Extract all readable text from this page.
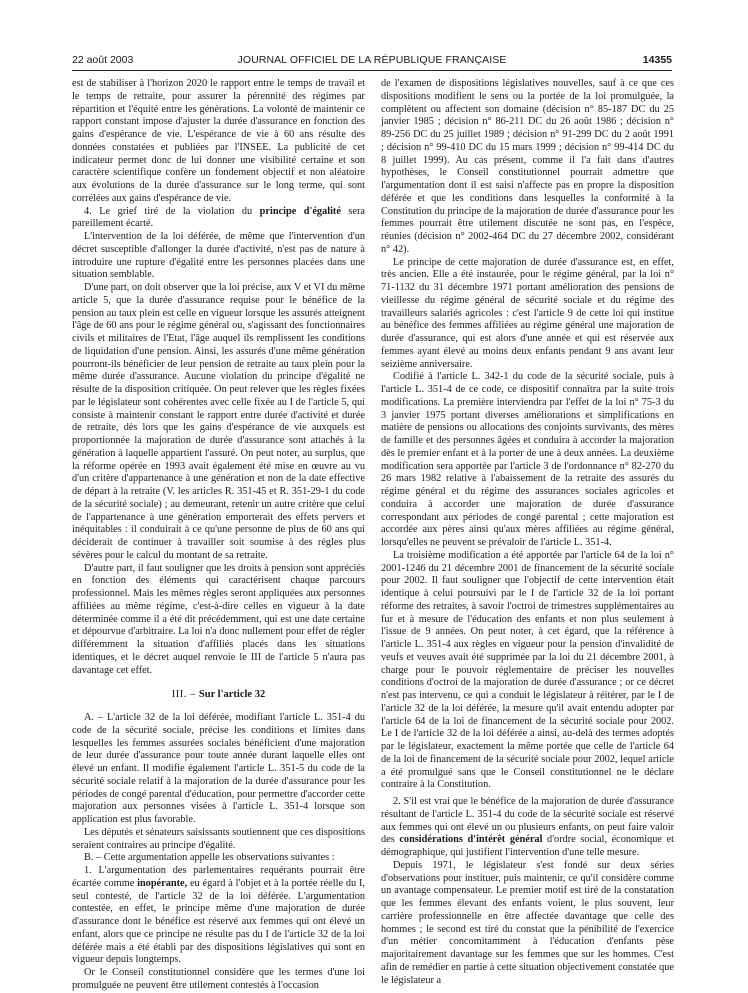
22 août 2003	JOURNAL OFFICIEL DE LA RÉPUBLIQUE FRANÇAISE	14355

est de stabiliser à l'horizon 2020 le rapport entre le temps de travail et le temps de retraite, pour assurer la pérennité des régimes par répartition et l'équité entre les générations. La volonté de maintenir ce rapport constant impose d'ajuster la durée d'assurance en fonction des gains d'espérance de vie. L'espérance de vie à 60 ans résulte des données constatées et publiées par l'INSEE. La publicité de cet indicateur permet donc de lui donner une visibilité certaine et son caractère scientifique confère un fondement objectif et non aléatoire aux évolutions de la durée d'assurance sur le long terme, qui sont corrélées aux gains d'espérance de vie.

4. Le grief tiré de la violation du principe d'égalité sera pareillement écarté.

L'intervention de la loi déférée, de même que l'intervention d'un décret susceptible d'allonger la durée d'activité, n'est pas de nature à introduire une rupture d'égalité entre les personnes placées dans une situation semblable.

D'une part, on doit observer que la loi précise, aux V et VI du même article 5, que la durée d'assurance requise pour le bénéfice de la pension au taux plein est celle en vigueur lorsque les assurés atteignent l'âge de 60 ans pour le régime général ou, s'agissant des fonctionnaires civils et militaires de l'Etat, l'âge auquel ils remplissent les conditions de liquidation d'une pension. Ainsi, les assurés d'une même génération pourront-ils bénéficier de leur pension de retraite au taux plein pour la même durée d'assurance. Aucune violation du principe d'égalité ne résulte de la disposition critiquée. On peut relever que les règles fixées par le législateur sont cohérentes avec celle fixée au I de l'article 5, qui consiste à maintenir constant le rapport entre durée d'activité et durée de retraite, dès lors que les gains d'espérance de vie auxquels est proportionnée la majoration de durée d'assurance sont attachés à la génération à laquelle appartient l'assuré. On peut noter, au surplus, que la réforme opérée en 1993 avait également été mise en œuvre au vu d'un critère d'appartenance à une génération et non de la date effective de départ à la retraite (V. les articles R. 351-45 et R. 351-29-1 du code de la sécurité sociale) ; au demeurant, retenir un autre critère que celui de l'appartenance à une génération emporterait des effets pervers et inéquitables : il conduirait à ce qu'une personne de plus de 60 ans qui déciderait de continuer à travailler soit soumise à des règles plus sévères pour le calcul du montant de sa retraite.

D'autre part, il faut souligner que les droits à pension sont appréciés en fonction des éléments qui caractérisent chaque parcours professionnel. Mais les mêmes règles seront appliquées aux personnes affiliées au même régime, c'est-à-dire celles en vigueur à la date déterminée comme il a été dit précédemment, qui est une date certaine et dépourvue d'arbitraire. La loi n'a donc nullement pour effet de régler différemment la situation d'affiliés placés dans les situations identiques, et le décret auquel renvoie le III de l'article 5 n'aura pas davantage cet effet.

III. – Sur l'article 32

A. – L'article 32 de la loi déférée, modifiant l'article L. 351-4 du code de la sécurité sociale, précise les conditions et limites dans lesquelles les femmes assurées sociales bénéficient d'une majoration de leur durée d'assurance pour toute année durant laquelle elles ont élevé un enfant. Il modifie également l'article L. 351-5 du code de la sécurité sociale relatif à la majoration de la durée d'assurance pour les périodes de congé parental d'éducation, pour permettre d'accorder cette majoration aux personnes visées à l'article L. 351-4 lorsque son application est plus favorable.

Les députés et sénateurs saisissants soutiennent que ces dispositions seraient contraires au principe d'égalité.

B. – Cette argumentation appelle les observations suivantes :

1. L'argumentation des parlementaires requérants pourrait être écartée comme inopérante, eu égard à l'objet et à la portée réelle du I, seul contesté, de l'article 32 de la loi déférée. L'argumentation contestée, en effet, le principe même d'une majoration de durée d'assurance dont le bénéfice est réservé aux femmes qui ont élevé un enfant, alors que ce principe ne résulte pas du I de l'article 32 de la loi déférée mais a été établi par des dispositions législatives qui sont en vigueur depuis longtemps.

Or le Conseil constitutionnel considère que les termes d'une loi promulguée ne peuvent être utilement contestés à l'occasion

de l'examen de dispositions législatives nouvelles, sauf à ce que ces dispositions modifient le sens ou la portée de la loi promulguée, la complètent ou affectent son domaine (décision n° 85-187 DC du 25 janvier 1985 ; décision n° 86-211 DC du 26 août 1986 ; décision n° 89-256 DC du 25 juillet 1989 ; décision n° 91-299 DC du 2 août 1991 ; décision n° 99-410 DC du 15 mars 1999 ; décision n° 99-414 DC du 8 juillet 1999). Au cas présent, comme il l'a fait dans d'autres hypothèses, le Conseil constitutionnel pourrait admettre que l'argumentation dont il est saisi n'affecte pas en propre la disposition déférée et que les conditions dans lesquelles la conformité à la Constitution du principe de la majoration de durée d'assurance pour les femmes pourrait être utilement discutée ne sont pas, en l'espèce, réunies (décision n° 2002-464 DC du 27 décembre 2002, considérant n° 42).

Le principe de cette majoration de durée d'assurance est, en effet, très ancien. Elle a été instaurée, pour le régime général, par la loi n° 71-1132 du 31 décembre 1971 portant amélioration des pensions de vieillesse du régime général de sécurité sociale et du régime des travailleurs salariés agricoles : c'est l'article 9 de cette loi qui institue au bénéfice des femmes affiliées au régime général une majoration de durée d'assurance, qui est alors d'une année et qui est réservée aux femmes ayant élevé au moins deux enfants pendant 9 ans avant leur seizième anniversaire.

Codifié à l'article L. 342-1 du code de la sécurité sociale, puis à l'article L. 351-4 de ce code, ce dispositif connaîtra par la suite trois modifications. La première interviendra par l'effet de la loi n° 75-3 du 3 janvier 1975 portant diverses améliorations et simplifications en matière de pensions ou allocations des conjoints survivants, des mères de famille et des personnes âgées et conduira à accorder la majoration dès le premier enfant et à la porter de une à deux années. La deuxième modification sera apportée par l'article 3 de l'ordonnance n° 82-270 du 26 mars 1982 relative à l'abaissement de la retraite des assurés du régime général et du régime des assurances sociales agricoles et conduira à accorder une majoration de durée d'assurance correspondant aux périodes de congé parental ; cette majoration est accordée aux pères ainsi qu'aux mères affiliées au régime général, lorsqu'elles ne peuvent se prévaloir de l'article L. 351-4.

La troisième modification a été apportée par l'article 64 de la loi n° 2001-1246 du 21 décembre 2001 de financement de la sécurité sociale pour 2002. Il faut souligner que l'objectif de cette intervention était identique à celui poursuivi par le I de l'article 32 de la loi portant réforme des retraites, à savoir l'octroi de trimestres supplémentaires au fur et à mesure de l'éducation des enfants et non plus seulement à l'issue de 9 années. On peut noter, à cet égard, que la référence à l'article L. 351-4 aux règles en vigueur pour la pension d'invalidité de veufs et veuves avait été supprimée par la loi du 21 décembre 2001, à charge pour le pouvoir réglementaire de préciser les nouvelles conditions d'octroi de la majoration de durée d'assurance ; or ce décret n'est pas intervenu, ce qui a conduit le législateur à réitérer, par le I de l'article 32 de la loi déférée, la mesure qu'il avait entendu adopter par l'article 64 de la loi de financement de la sécurité sociale pour 2002. Le I de l'article 32 de la loi déférée a ainsi, au-delà des termes adoptés par le législateur, exactement la même portée que celle de l'article 64 de la loi de financement de la sécurité sociale pour 2002, lequel article a été promulgué sans que le Conseil constitutionnel ne le déclare contraire à la Constitution.

2. S'il est vrai que le bénéfice de la majoration de durée d'assurance résultant de l'article L. 351-4 du code de la sécurité sociale est réservé aux femmes qui ont élevé un ou plusieurs enfants, on peut faire valoir des considérations d'intérêt général d'ordre social, économique et démographique, qui justifient l'intervention d'une telle mesure.

Depuis 1971, le législateur s'est fondé sur deux séries d'observations pour instituer, puis maintenir, ce qu'il considère comme un avantage compensateur. Le premier motif est tiré de la constatation que les femmes élevant des enfants voient, le plus souvent, leur carrière professionnelle en être affectée davantage que celle des hommes ; le second est tiré du constat que la pénibilité de l'exercice d'un métier concomitamment à l'éducation d'enfants pèse majoritairement davantage sur les femmes que sur les hommes. C'est afin de remédier en partie à cette situation objectivement constatée que le législateur a
